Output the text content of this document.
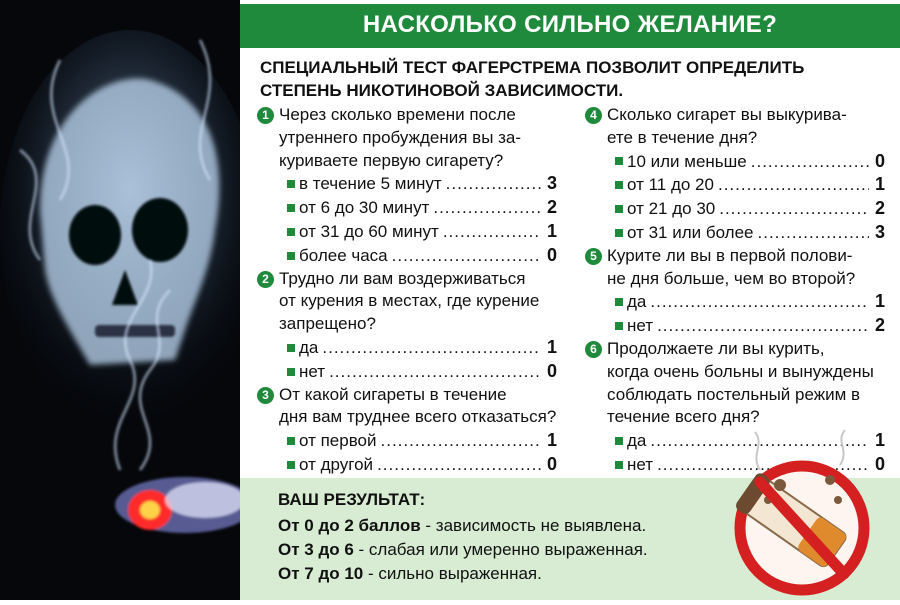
НАСКОЛЬКО СИЛЬНО ЖЕЛАНИЕ?
СПЕЦИАЛЬНЫЙ ТЕСТ ФАГЕРСТРЕМА ПОЗВОЛИТ ОПРЕДЕЛИТЬ
СТЕПЕНЬ НИКОТИНОВОЙ ЗАВИСИМОСТИ.
1 Через сколько времени после
утреннего пробуждения вы за-
куриваете первую сигарету?
в течение 5 минут .....	3
от 6 до 30 минут .....	2
от 31 до 60 минут .....	1
более часа .....	0
2 Трудно ли вам воздерживаться
от курения в местах, где курение
запрещено?
да .....	1
нет .....	0
3 От какой сигареты в течение
дня вам труднее всего отказаться?
от первой .....	1
от другой .....	0
4 Сколько сигарет вы выкурива-
ете в течение дня?
10 или меньше .....	0
от 11 до 20 .....	1
от 21 до 30 .....	2
от 31 или более .....	3
5 Курите ли вы в первой полови-
не дня больше, чем во второй?
да .....	1
нет .....	2
6 Продолжаете ли вы курить,
когда очень больны и вынуждены
соблюдать постельный режим в
течение всего дня?
да .....	1
нет .....	0
ВАШ РЕЗУЛЬТАТ:
От 0 до 2 баллов - зависимость не выявлена.
От 3 до 6 - слабая или умеренно выраженная.
От 7 до 10 - сильно выраженная.
